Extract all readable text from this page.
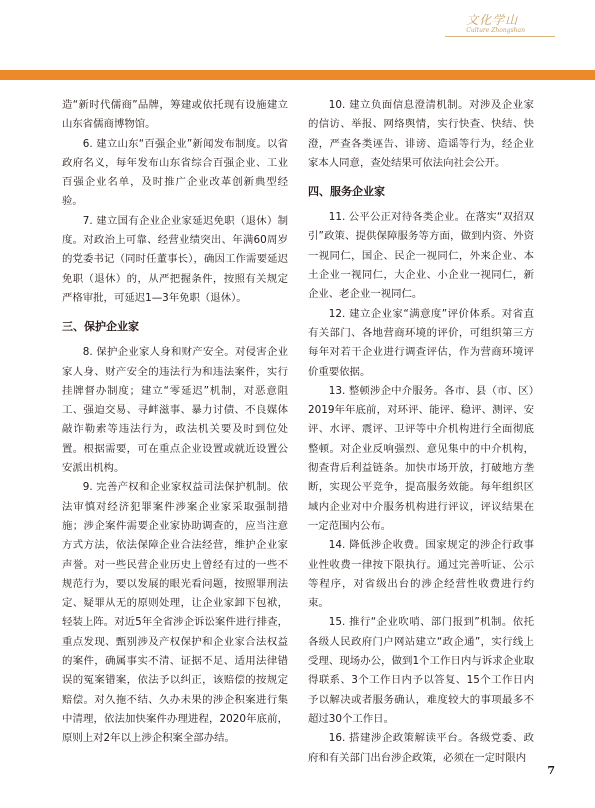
文化学山
Culture Zhongshan

造“新时代儒商”品牌，筹建或依托现有设施建立山东省儒商博物馆。

6. 建立山东“百强企业”新闻发布制度。以省政府名义，每年发布山东省综合百强企业、工业百强企业名单，及时推广企业改革创新典型经验。

7. 建立国有企业企业家延迟免职（退休）制度。对政治上可靠、经营业绩突出、年满60周岁的党委书记（同时任董事长），确因工作需要延迟免职（退休）的，从严把握条件，按照有关规定严格审批，可延迟1—3年免职（退休）。

三、保护企业家

8. 保护企业家人身和财产安全。对侵害企业家人身、财产安全的违法行为和违法案件，实行挂牌督办制度；建立“零延迟”机制，对恶意阻工、强迫交易、寻衅滋事、暴力讨债、不良媒体敲诈勒索等违法行为，政法机关要及时到位处置。根据需要，可在重点企业设置或就近设置公安派出机构。

9. 完善产权和企业家权益司法保护机制。依法审慎对经济犯罪案件涉案企业家采取强制措施；涉企案件需要企业家协助调查的，应当注意方式方法，依法保障企业合法经营，维护企业家声誉。对一些民营企业历史上曾经有过的一些不规范行为，要以发展的眼光看问题，按照罪刑法定、疑罪从无的原则处理，让企业家卸下包袱，轻装上阵。对近5年全省涉企诉讼案件进行排查，重点发现、甄别涉及产权保护和企业家合法权益的案件，确属事实不清、证据不足、适用法律错误的冤案错案，依法予以纠正，该赔偿的按规定赔偿。对久拖不结、久办未果的涉企积案进行集中清理，依法加快案件办理进程，2020年底前，原则上对2年以上涉企积案全部办结。

10. 建立负面信息澄清机制。对涉及企业家的信访、举报、网络舆情，实行快查、快结、快澄，严查各类诬告、诽谤、造谣等行为，经企业家本人同意，查处结果可依法向社会公开。

四、服务企业家

11. 公平公正对待各类企业。在落实“双招双引”政策、提供保障服务等方面，做到内资、外资一视同仁，国企、民企一视同仁，外来企业、本土企业一视同仁，大企业、小企业一视同仁，新企业、老企业一视同仁。

12. 建立企业家“满意度”评价体系。对省直有关部门、各地营商环境的评价，可组织第三方每年对若干企业进行调查评估，作为营商环境评价重要依据。

13. 整顿涉企中介服务。各市、县（市、区）2019年年底前，对环评、能评、稳评、测评、安评、水评、震评、卫评等中介机构进行全面彻底整顿。对企业反响强烈、意见集中的中介机构，彻查背后利益链条。加快市场开放，打破地方垄断，实现公平竞争，提高服务效能。每年组织区域内企业对中介服务机构进行评议，评议结果在一定范围内公布。

14. 降低涉企收费。国家规定的涉企行政事业性收费一律按下限执行。通过完善听证、公示等程序，对省级出台的涉企经营性收费进行约束。

15. 推行“企业吹哨、部门报到”机制。依托各级人民政府门户网站建立“政企通”，实行线上受理、现场办公，做到1个工作日内与诉求企业取得联系、3个工作日内予以答复、15个工作日内予以解决或者服务确认，难度较大的事项最多不超过30个工作日。

16. 搭建涉企政策解读平台。各级党委、政府和有关部门出台涉企政策，必须在一定时限内

7
